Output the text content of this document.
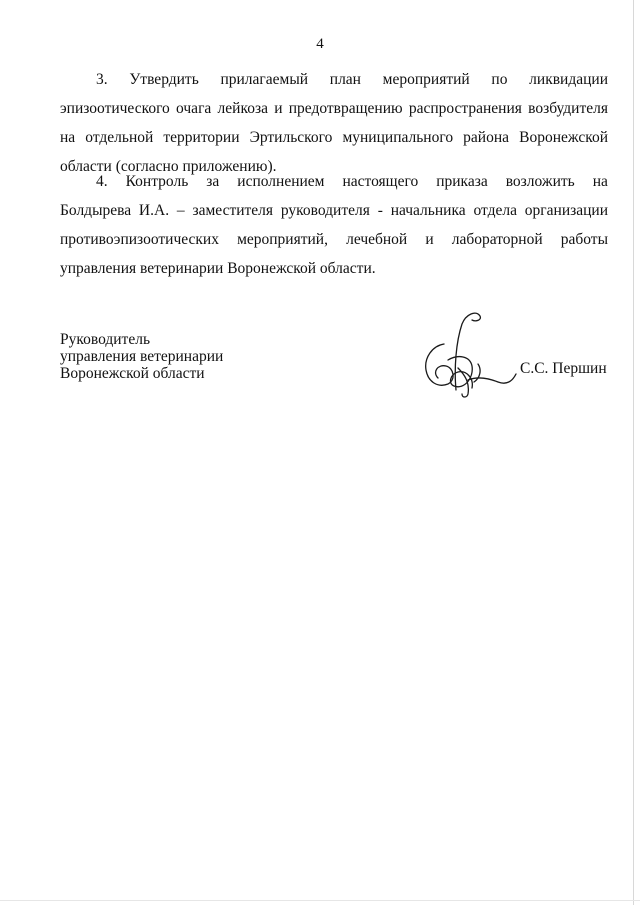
4

3. Утвердить прилагаемый план мероприятий по ликвидации эпизоотического очага лейкоза и предотвращению распространения возбудителя на отдельной территории Эртильского муниципального района Воронежской области (согласно приложению).

4. Контроль за исполнением настоящего приказа возложить на
Болдырева И.А. – заместителя руководителя - начальника отдела организации противоэпизоотических мероприятий, лечебной и лабораторной работы управления ветеринарии Воронежской области.
Руководитель
управления ветеринарии
Воронежской области	С.С. Першин
